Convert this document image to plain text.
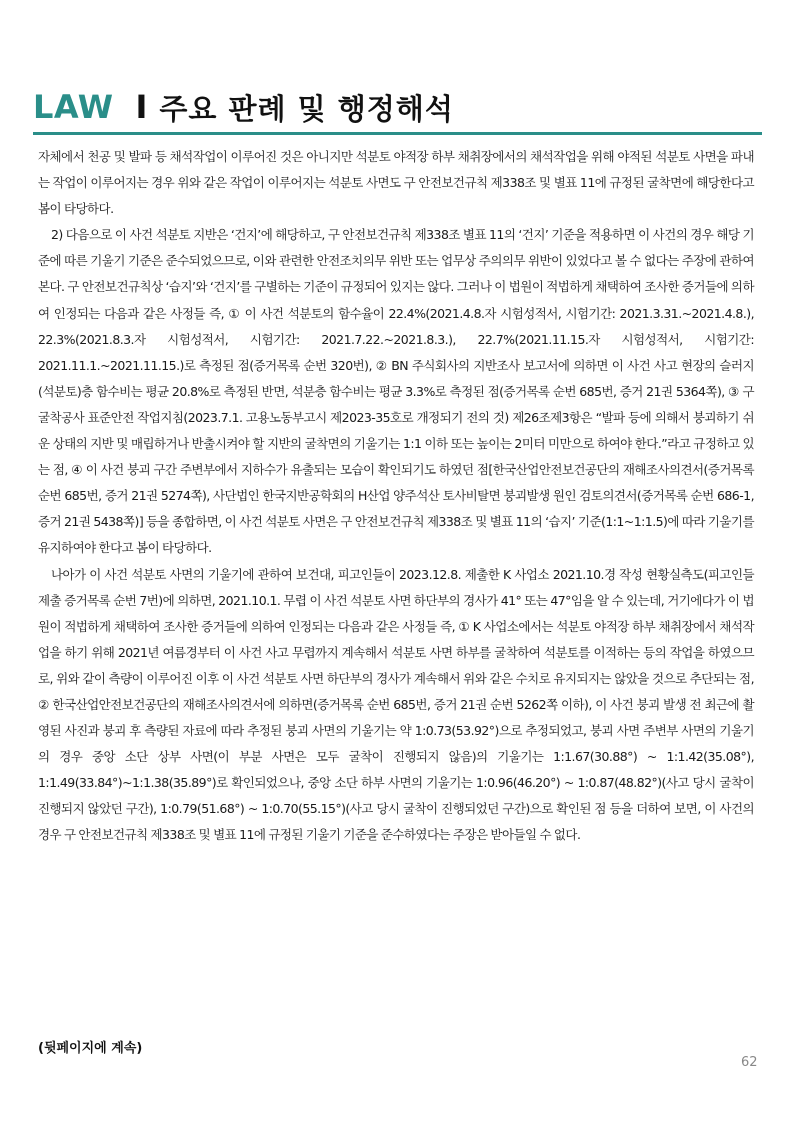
LAW I 주요 판례 및 행정해석

자체에서 천공 및 발파 등 채석작업이 이루어진 것은 아니지만 석분토 야적장 하부 채취장에서의 채석작업을 위해 야적된 석분토 사면을 파내는 작업이 이루어지는 경우 위와 같은 작업이 이루어지는 석분토 사면도 구 안전보건규칙 제338조 및 별표 11에 규정된 굴착면에 해당한다고 봄이 타당하다.

2) 다음으로 이 사건 석분토 지반은 ‘건지’에 해당하고, 구 안전보건규칙 제338조 별표 11의 ‘건지’ 기준을 적용하면 이 사건의 경우 해당 기준에 따른 기울기 기준은 준수되었으므로, 이와 관련한 안전조치의무 위반 또는 업무상 주의의무 위반이 있었다고 볼 수 없다는 주장에 관하여 본다. 구 안전보건규칙상 ‘습지’와 ‘건지’를 구별하는 기준이 규정되어 있지는 않다. 그러나 이 법원이 적법하게 채택하여 조사한 증거들에 의하여 인정되는 다음과 같은 사정들 즉, ① 이 사건 석분토의 함수율이 22.4%(2021.4.8.자 시험성적서, 시험기간: 2021.3.31.~2021.4.8.), 22.3%(2021.8.3.자 시험성적서, 시험기간: 2021.7.22.~2021.8.3.), 22.7%(2021.11.15.자 시험성적서, 시험기간: 2021.11.1.~2021.11.15.)로 측정된 점(증거목록 순번 320번), ② BN 주식회사의 지반조사 보고서에 의하면 이 사건 사고 현장의 슬러지(석분토)층 함수비는 평균 20.8%로 측정된 반면, 석분층 함수비는 평균 3.3%로 측정된 점(증거목록 순번 685번, 증거 21권 5364쪽), ③ 구 굴착공사 표준안전 작업지침(2023.7.1. 고용노동부고시 제2023-35호로 개정되기 전의 것) 제26조제3항은 “발파 등에 의해서 붕괴하기 쉬운 상태의 지반 및 매립하거나 반출시켜야 할 지반의 굴착면의 기울기는 1:1 이하 또는 높이는 2미터 미만으로 하여야 한다.”라고 규정하고 있는 점, ④ 이 사건 붕괴 구간 주변부에서 지하수가 유출되는 모습이 확인되기도 하였던 점[한국산업안전보건공단의 재해조사의견서(증거목록 순번 685번, 증거 21권 5274쪽), 사단법인 한국지반공학회의 H산업 양주석산 토사비탈면 붕괴발생 원인 검토의견서(증거목록 순번 686-1, 증거 21권 5438쪽)] 등을 종합하면, 이 사건 석분토 사면은 구 안전보건규칙 제338조 및 별표 11의 ‘습지’ 기준(1:1~1:1.5)에 따라 기울기를 유지하여야 한다고 봄이 타당하다.

나아가 이 사건 석분토 사면의 기울기에 관하여 보건대, 피고인들이 2023.12.8. 제출한 K 사업소 2021.10.경 작성 현황실측도(피고인들 제출 증거목록 순번 7번)에 의하면, 2021.10.1. 무렵 이 사건 석분토 사면 하단부의 경사가 41° 또는 47°임을 알 수 있는데, 거기에다가 이 법원이 적법하게 채택하여 조사한 증거들에 의하여 인정되는 다음과 같은 사정들 즉, ① K 사업소에서는 석분토 야적장 하부 채취장에서 채석작업을 하기 위해 2021년 여름경부터 이 사건 사고 무렵까지 계속해서 석분토 사면 하부를 굴착하여 석분토를 이적하는 등의 작업을 하였으므로, 위와 같이 측량이 이루어진 이후 이 사건 석분토 사면 하단부의 경사가 계속해서 위와 같은 수치로 유지되지는 않았을 것으로 추단되는 점, ② 한국산업안전보건공단의 재해조사의견서에 의하면(증거목록 순번 685번, 증거 21권 순번 5262쪽 이하), 이 사건 붕괴 발생 전 최근에 촬영된 사진과 붕괴 후 측량된 자료에 따라 추정된 붕괴 사면의 기울기는 약 1:0.73(53.92°)으로 추정되었고, 붕괴 사면 주변부 사면의 기울기의 경우 중앙 소단 상부 사면(이 부분 사면은 모두 굴착이 진행되지 않음)의 기울기는 1:1.67(30.88°) ~ 1:1.42(35.08°), 1:1.49(33.84°)~1:1.38(35.89°)로 확인되었으나, 중앙 소단 하부 사면의 기울기는 1:0.96(46.20°) ~ 1:0.87(48.82°)(사고 당시 굴착이 진행되지 않았던 구간), 1:0.79(51.68°) ~ 1:0.70(55.15°)(사고 당시 굴착이 진행되었던 구간)으로 확인된 점 등을 더하여 보면, 이 사건의 경우 구 안전보건규칙 제338조 및 별표 11에 규정된 기울기 기준을 준수하였다는 주장은 받아들일 수 없다.

(뒷페이지에 계속)
62
